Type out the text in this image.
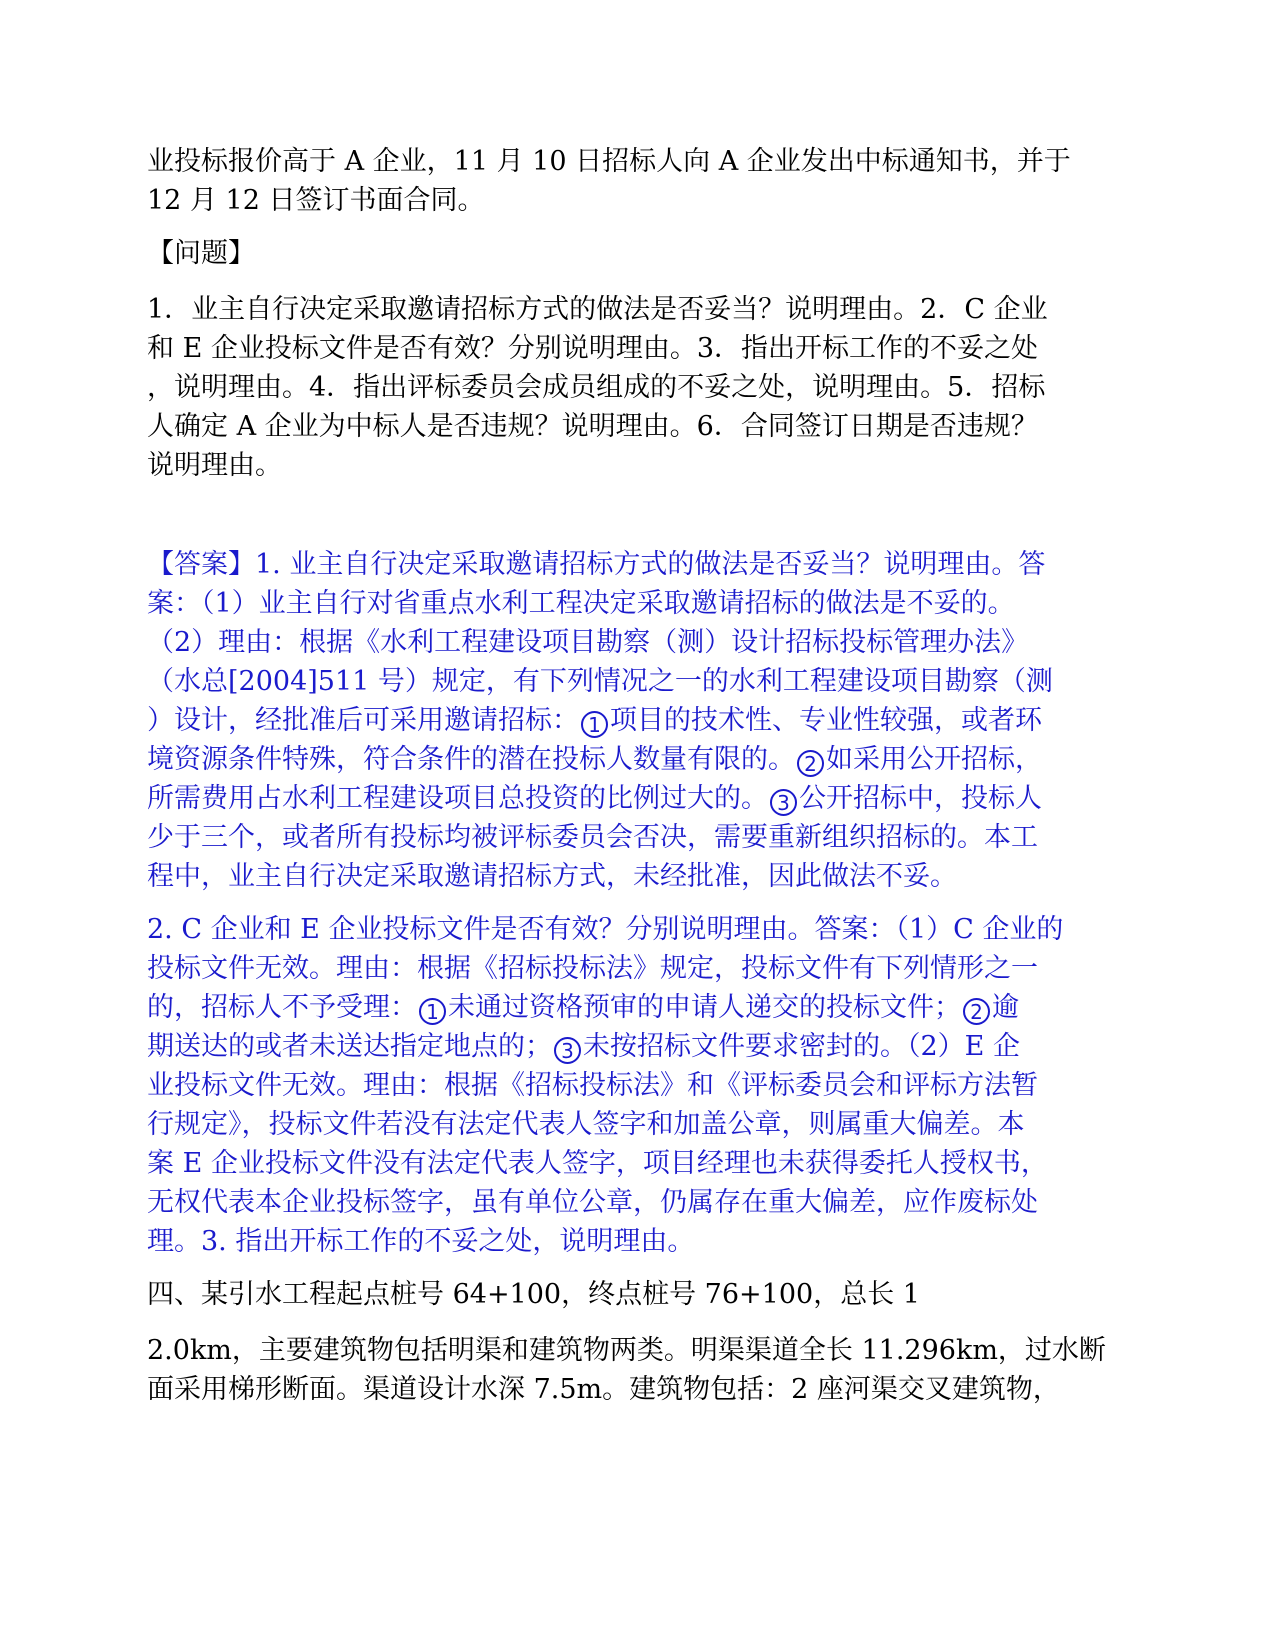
业投标报价高于 A 企业，11 月 10 日招标人向 A 企业发出中标通知书，并于
12 月 12 日签订书面合同。
【问题】
1．业主自行决定采取邀请招标方式的做法是否妥当？说明理由。2．C 企业
和 E 企业投标文件是否有效？分别说明理由。3．指出开标工作的不妥之处
，说明理由。4．指出评标委员会成员组成的不妥之处，说明理由。5．招标
人确定 A 企业为中标人是否违规？说明理由。6．合同签订日期是否违规？
说明理由。
【答案】1. 业主自行决定采取邀请招标方式的做法是否妥当？说明理由。答
案：（1）业主自行对省重点水利工程决定采取邀请招标的做法是不妥的。
（2）理由：根据《水利工程建设项目勘察（测）设计招标投标管理办法》
（水总[2004]511 号）规定，有下列情况之一的水利工程建设项目勘察（测
）设计，经批准后可采用邀请招标： 1 项目的技术性、专业性较强，或者环
境资源条件特殊，符合条件的潜在投标人数量有限的。 2 如采用公开招标，
所需费用占水利工程建设项目总投资的比例过大的。 3 公开招标中，投标人
少于三个，或者所有投标均被评标委员会否决，需要重新组织招标的。本工
程中，业主自行决定采取邀请招标方式，未经批准，因此做法不妥。
2. C 企业和 E 企业投标文件是否有效？分别说明理由。答案：（1）C 企业的
投标文件无效。理由：根据《招标投标法》规定，投标文件有下列情形之一
的，招标人不予受理： 1 未通过资格预审的申请人递交的投标文件； 2 逾
期送达的或者未送达指定地点的； 3 未按招标文件要求密封的。（2）E 企
业投标文件无效。理由：根据《招标投标法》和《评标委员会和评标方法暂
行规定》，投标文件若没有法定代表人签字和加盖公章，则属重大偏差。本
案 E 企业投标文件没有法定代表人签字，项目经理也未获得委托人授权书，
无权代表本企业投标签字，虽有单位公章，仍属存在重大偏差，应作废标处
理。3. 指出开标工作的不妥之处，说明理由。
四、某引水工程起点桩号 64+100，终点桩号 76+100，总长 1
2.0km，主要建筑物包括明渠和建筑物两类。明渠渠道全长 11.296km，过水断
面采用梯形断面。渠道设计水深 7.5m。建筑物包括：2 座河渠交叉建筑物，
